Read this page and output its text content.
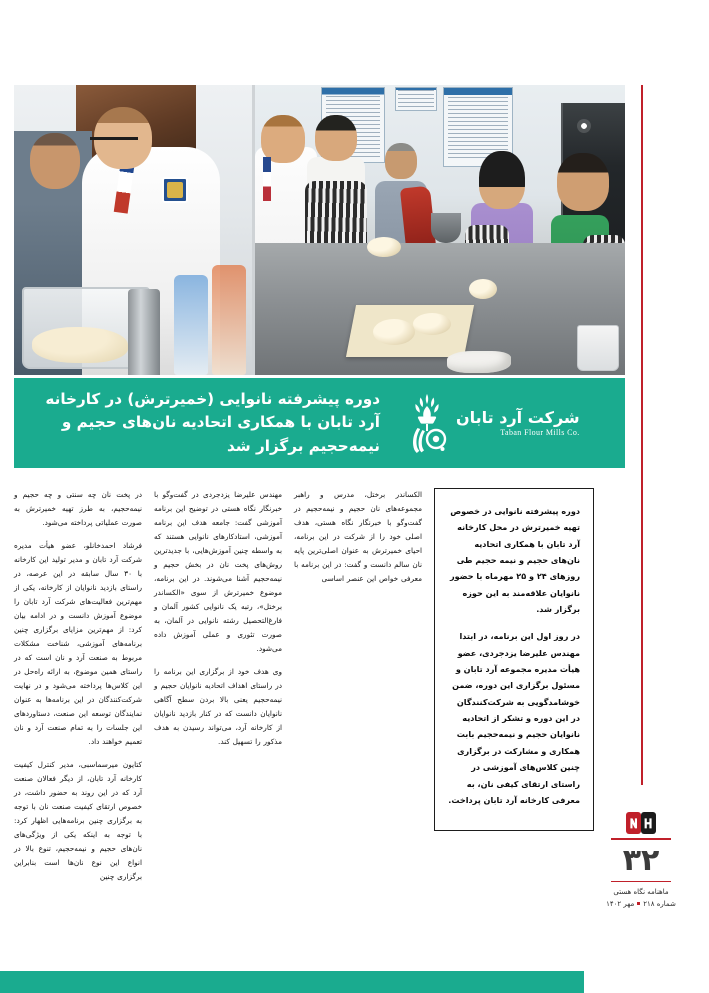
دوره پیشرفته نانوایی (خمیرترش) در کارخانه
آرد تابان با همکاری اتحادیه نان‌های حجیم و
نیمه‌حجیم برگزار شد
شرکت آرد تابان
Taban Flour Mills Co.

در پخت نان چه سنتی و چه حجیم و نیمه‌حجیم، به طرز تهیه خمیرترش به صورت عملیاتی پرداخته می‌شود.

فرشاد احمدخانلو، عضو هیأت مدیره شرکت آرد تابان و مدیر تولید این کارخانه با ۳۰ سال سابقه در این عرصه، در راستای بازدید نانوایان از کارخانه، یکی از مهم‌ترین فعالیت‌های شرکت آرد تابان را موضوع آموزش دانست و در ادامه بیان کرد: از مهم‌ترین مزایای برگزاری چنین برنامه‌های آموزشی، شناخت مشکلات مربوط به صنعت آرد و نان است که در راستای همین موضوع، به ارائه راه‌حل در این کلاس‌ها پرداخته می‌شود و در نهایت شرکت‌کنندگان در این برنامه‌ها به عنوان نمایندگان توسعه این صنعت، دستاوردهای این جلسات را به تمام صنعت آرد و نان تعمیم خواهند داد.

کتایون میرسماسبی، مدیر کنترل کیفیت کارخانه آرد تابان، از دیگر فعالان صنعت آرد که در این روند به حضور داشت، در خصوص ارتقای کیفیت صنعت نان با توجه به برگزاری چنین برنامه‌هایی اظهار کرد: با توجه به اینکه یکی از ویژگی‌های نان‌های حجیم و نیمه‌حجیم، تنوع بالا در انواع این نوع نان‌ها است بنابراین برگزاری چنین

مهندس علیرضا یزدجردی در گفت‌وگو با خبرنگار نگاه هستی در توضیح این برنامه آموزشی گفت: جامعه هدف این برنامه آموزشی، استادکارهای نانوایی هستند که به واسطه چنین آموزش‌هایی، با جدیدترین روش‌های پخت نان در بخش حجیم و نیمه‌حجیم آشنا می‌شوند. در این برنامه، موضوع خمیرترش از سوی «الکساندر برختل»، رتبه یک نانوایی کشور آلمان و فارغ‌التحصیل رشته نانوایی در آلمان، به صورت تئوری و عملی آموزش داده می‌شود.

وی هدف خود از برگزاری این برنامه را در راستای اهداف اتحادیه نانوایان حجیم و نیمه‌حجیم یعنی بالا بردن سطح آگاهی نانوایان دانست که در کنار بازدید نانوایان از کارخانه آرد، می‌تواند رسیدن به هدف مذکور را تسهیل کند.

الکساندر برختل، مدرس و راهبر مجموعه‌های نان حجیم و نیمه‌حجیم در گفت‌وگو با خبرنگار نگاه هستی، هدف اصلی خود را از شرکت در این برنامه، احیای خمیرترش به عنوان اصلی‌ترین پایه نان سالم دانست و گفت: در این برنامه با معرفی خواص این عنصر اساسی

دوره پیشرفته نانوایی در خصوص تهیه خمیرترش در محل کارخانه آرد تابان با همکاری اتحادیه نان‌های حجیم و نیمه حجیم طی روزهای ۲۴ و ۲۵ مهرماه با حضور نانوایان علاقه‌مند به این حوزه برگزار شد.

در روز اول این برنامه، در ابتدا مهندس علیرضا یزدجردی، عضو هیأت مدیره مجموعه آرد تابان و مسئول برگزاری این دوره، ضمن خوشامدگویی به شرکت‌کنندگان در این دوره و تشکر از اتحادیه نانوایان حجیم و نیمه‌حجیم بابت همکاری و مشارکت در برگزاری چنین کلاس‌های آموزشی در راستای ارتقای کیفی نان، به معرفی کارخانه آرد تابان پرداخت.

۳۲
ماهنامه نگاه هستی
شماره ۲۱۸مهر ۱۴۰۲
